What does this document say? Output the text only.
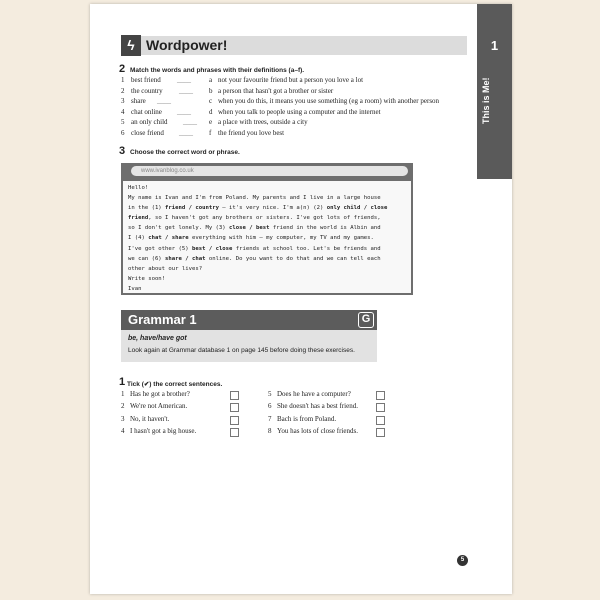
1
This is Me!
ϟ Wordpower!
2 Match the words and phrases with their definitions (a–f).
1 best friend ____	a not your favourite friend but a person you love a lot
2 the country ____ b a person that hasn't got a brother or sister
3 share ____	c when you do this, it means you use something (eg a room) with another person
4 chat online ____	d when you talk to people using a computer and the internet
5 an only child ____ e a place with trees, outside a city
6 close friend ____ f the friend you love best
3 Choose the correct word or phrase.
www.ivanblog.co.uk
Hello!
My name is Ivan and I'm from Poland. My parents and I live in a large house
in the (1) friend / country – it's very nice. I'm a(n) (2) only child / close
friend, so I haven't got any brothers or sisters. I've got lots of friends,
so I don't get lonely. My (3) close / best friend in the world is Albin and
I (4) chat / share everything with him – my computer, my TV and my games.
I've got other (5) best / close friends at school too. Let's be friends and
we can (6) share / chat online. Do you want to do that and we can tell each
other about our lives?
Write soon!
Ivan
Grammar 1	G
be, have/have got
Look again at Grammar database 1 on page 145 before doing these exercises.
1 Tick (✔) the correct sentences.
1 Has he got a brother?
2 We're not American.
3 No, it haven't.
4 I hasn't got a big house.
5 Does he have a computer?
6 She doesn't has a best friend.
7 Bach is from Poland.
8 You has lots of close friends.
5
